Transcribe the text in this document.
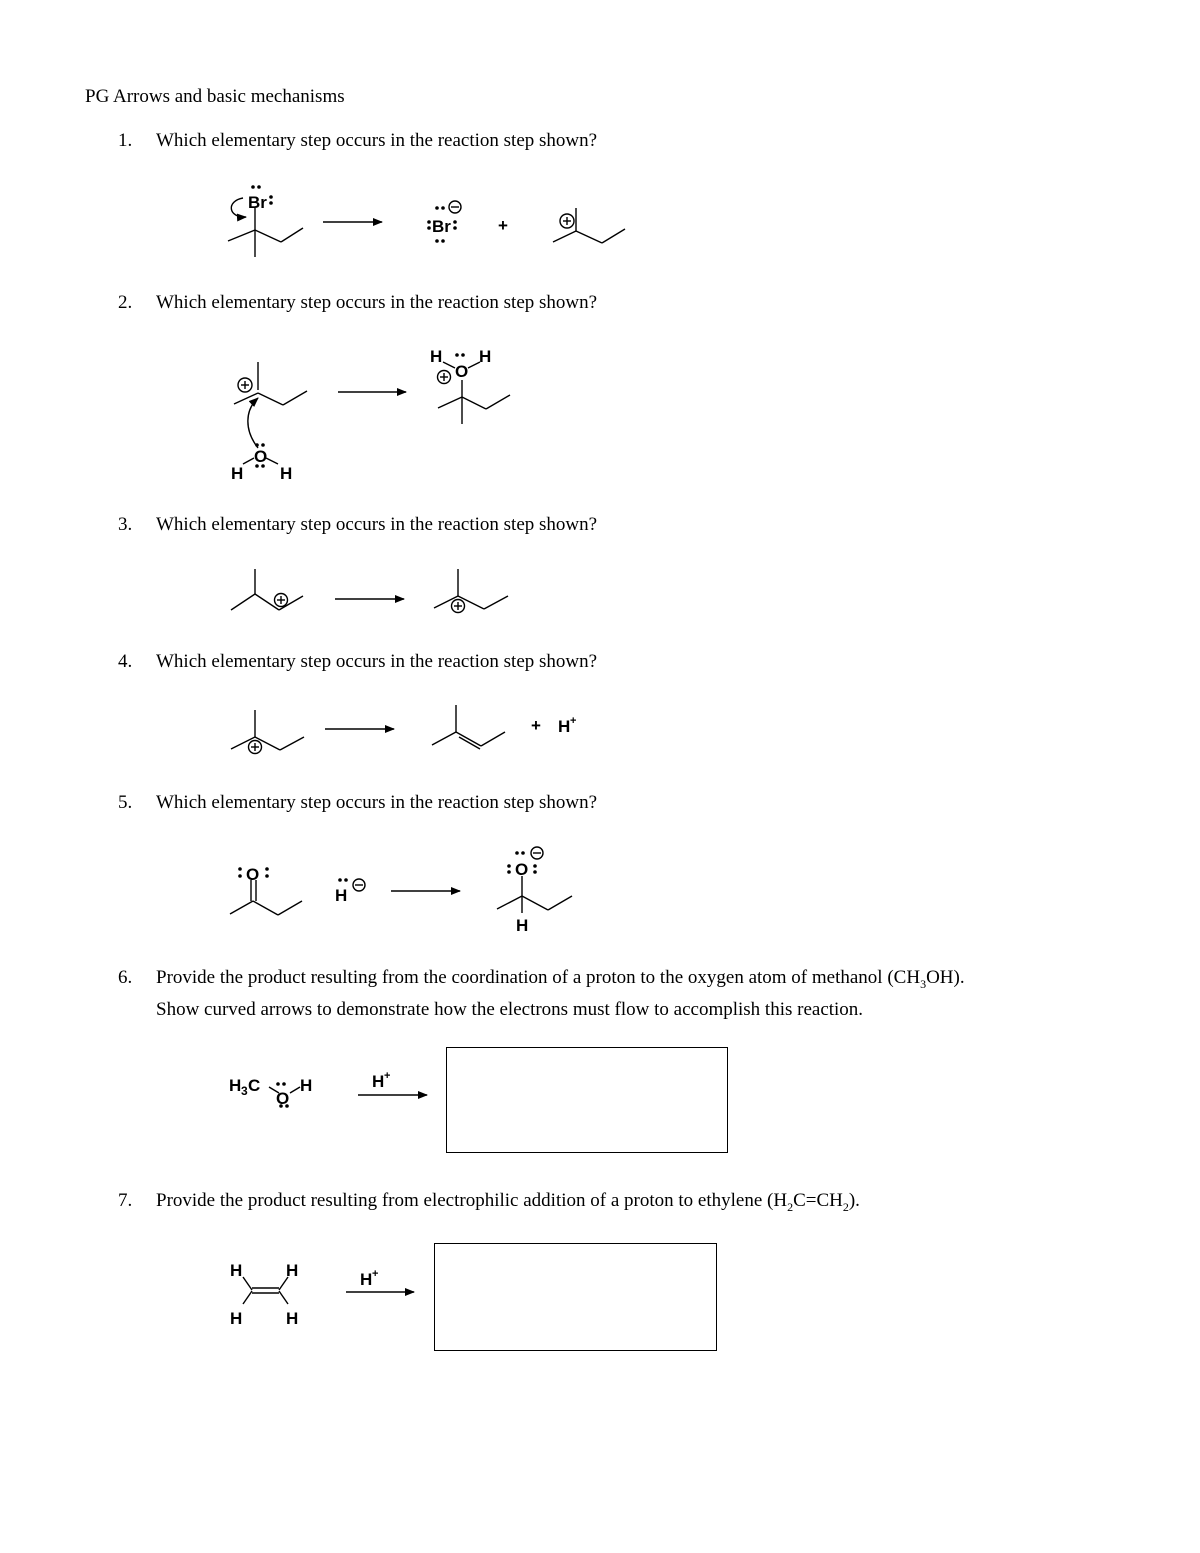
PG Arrows and basic mechanisms
1. Which elementary step occurs in the reaction step shown?
2. Which elementary step occurs in the reaction step shown?
3. Which elementary step occurs in the reaction step shown?
4. Which elementary step occurs in the reaction step shown?
5. Which elementary step occurs in the reaction step shown?
6. Provide the product resulting from the coordination of a proton to the oxygen atom of methanol $(CH_3OH)$.
Show curved arrows to demonstrate how the electrons must flow to accomplish this reaction.
7. Provide the product resulting from electrophilic addition of a proton to ethylene $(H_2C=CH_2)$.
Br
Br	+
O
H H
H H
O
+ H +
O
H
O
H
H 3 C
O
H	H +
H	H
H	H
H +
